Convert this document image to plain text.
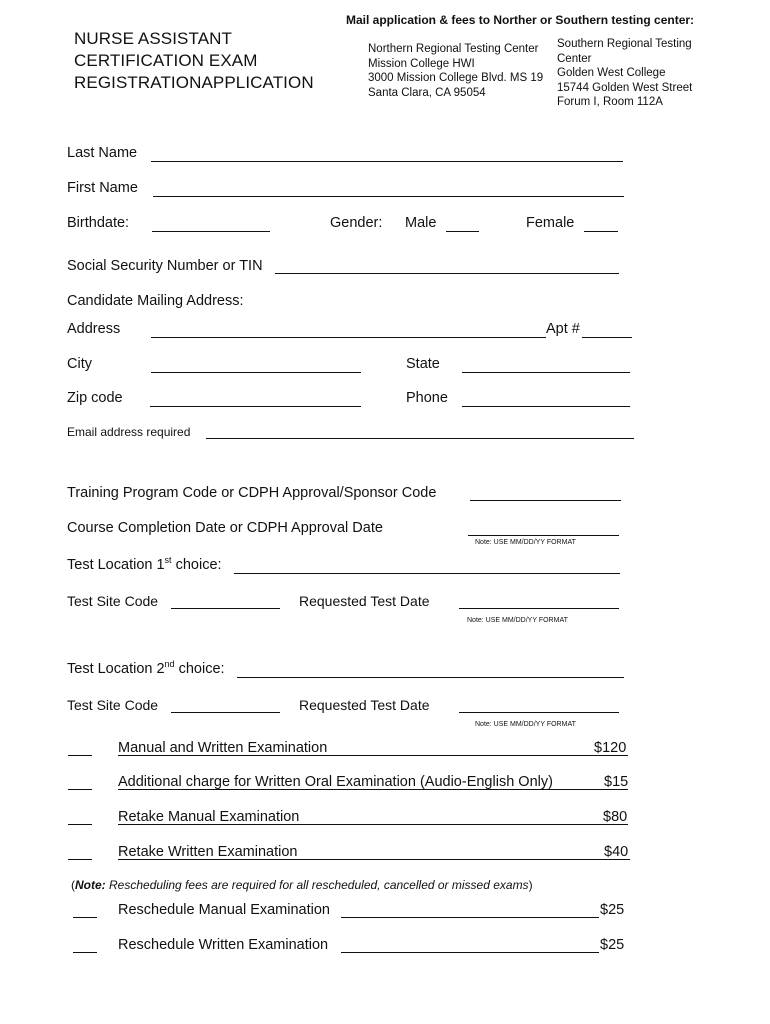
NURSE ASSISTANT
CERTIFICATION EXAM
REGISTRATIONAPPLICATION
Mail application & fees to Norther or Southern testing center:
Northern Regional Testing Center
Mission College HWI
3000 Mission College Blvd. MS 19
Santa Clara, CA 95054
Southern Regional Testing
Center
Golden West College
15744 Golden West Street
Forum I, Room 112A
Last Name
First Name
Birthdate:	Gender: Male	Female
Social Security Number or TIN
Candidate Mailing Address:
Address	Apt #
City	State
Zip code	Phone
Email address required
Training Program Code or CDPH Approval/Sponsor Code
Course Completion Date or CDPH Approval Date
Note: USE MM/DD/YY FORMAT
Test Location 1st choice:
Test Site Code	Requested Test Date
Note: USE MM/DD/YY FORMAT
Test Location 2nd choice:
Test Site Code	Requested Test Date
Note: USE MM/DD/YY FORMAT
Manual and Written Examination	$120
Additional charge for Written Oral Examination (Audio-English Only)	$15
Retake Manual Examination	$80
Retake Written Examination	$40
(Note: Rescheduling fees are required for all rescheduled, cancelled or missed exams)
Reschedule Manual Examination	$25
Reschedule Written Examination	$25
